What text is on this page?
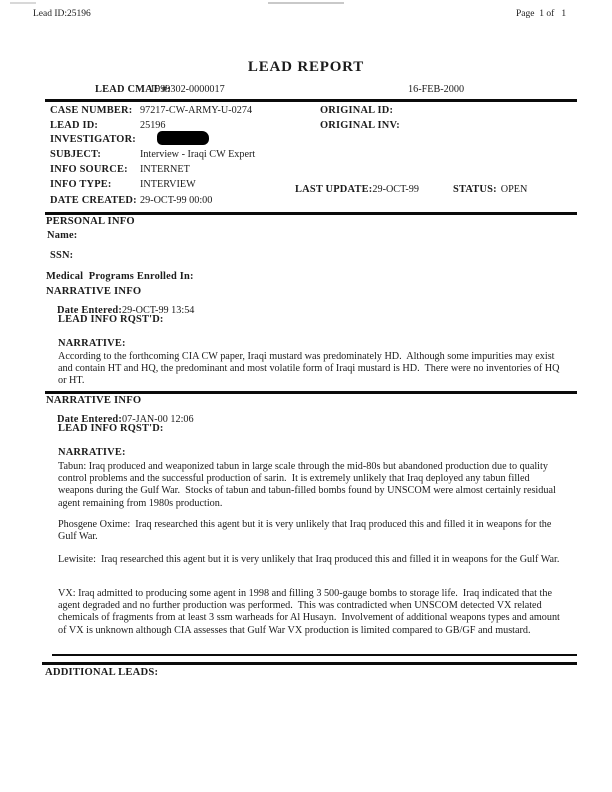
Lead ID:25196	Page  1 of   1
LEAD REPORT
LEAD CMAT #:
1999302-0000017	16-FEB-2000
CASE NUMBER: 97217-CW-ARMY-U-0274	ORIGINAL ID:
LEAD ID:	25196	ORIGINAL INV:
INVESTIGATOR:
SUBJECT:	Interview - Iraqi CW Expert
INFO SOURCE: INTERNET
INFO TYPE:	INTERVIEW	LAST UPDATE:29-OCT-99	STATUS: OPEN
DATE CREATED: 29-OCT-99 00:00
PERSONAL INFO
Name:
SSN:
Medical  Programs Enrolled In:
NARRATIVE INFO
Date Entered:29-OCT-99 13:54
LEAD INFO RQST'D:
NARRATIVE:
According to the forthcoming CIA CW paper, Iraqi mustard was predominately HD.  Although some impurities may exist and contain HT and HQ, the predominant and most volatile form of Iraqi mustard is HD.  There were no inventories of HQ or HT.
NARRATIVE INFO
Date Entered:07-JAN-00 12:06
LEAD INFO RQST'D:
NARRATIVE:
Tabun: Iraq produced and weaponized tabun in large scale through the mid-80s but abandoned production due to quality control problems and the successful production of sarin.  It is extremely unlikely that Iraq deployed any tabun filled weapons during the Gulf War.  Stocks of tabun and tabun-filled bombs found by UNSCOM were almost certainly residual agent remaining from 1980s production.
Phosgene Oxime:  Iraq researched this agent but it is very unlikely that Iraq produced this and filled it in weapons for the Gulf War.
Lewisite:  Iraq researched this agent but it is very unlikely that Iraq produced this and filled it in weapons for the Gulf War.
VX: Iraq admitted to producing some agent in 1998 and filling 3 500-gauge bombs to storage life.  Iraq indicated that the agent degraded and no further production was performed.  This was contradicted when UNSCOM detected VX related chemicals of fragments from at least 3 ssm warheads for Al Husayn.  Involvement of additional weapons types and amount of VX is unknown although CIA assesses that Gulf War VX production is limited compared to GB/GF and mustard.
ADDITIONAL LEADS:
